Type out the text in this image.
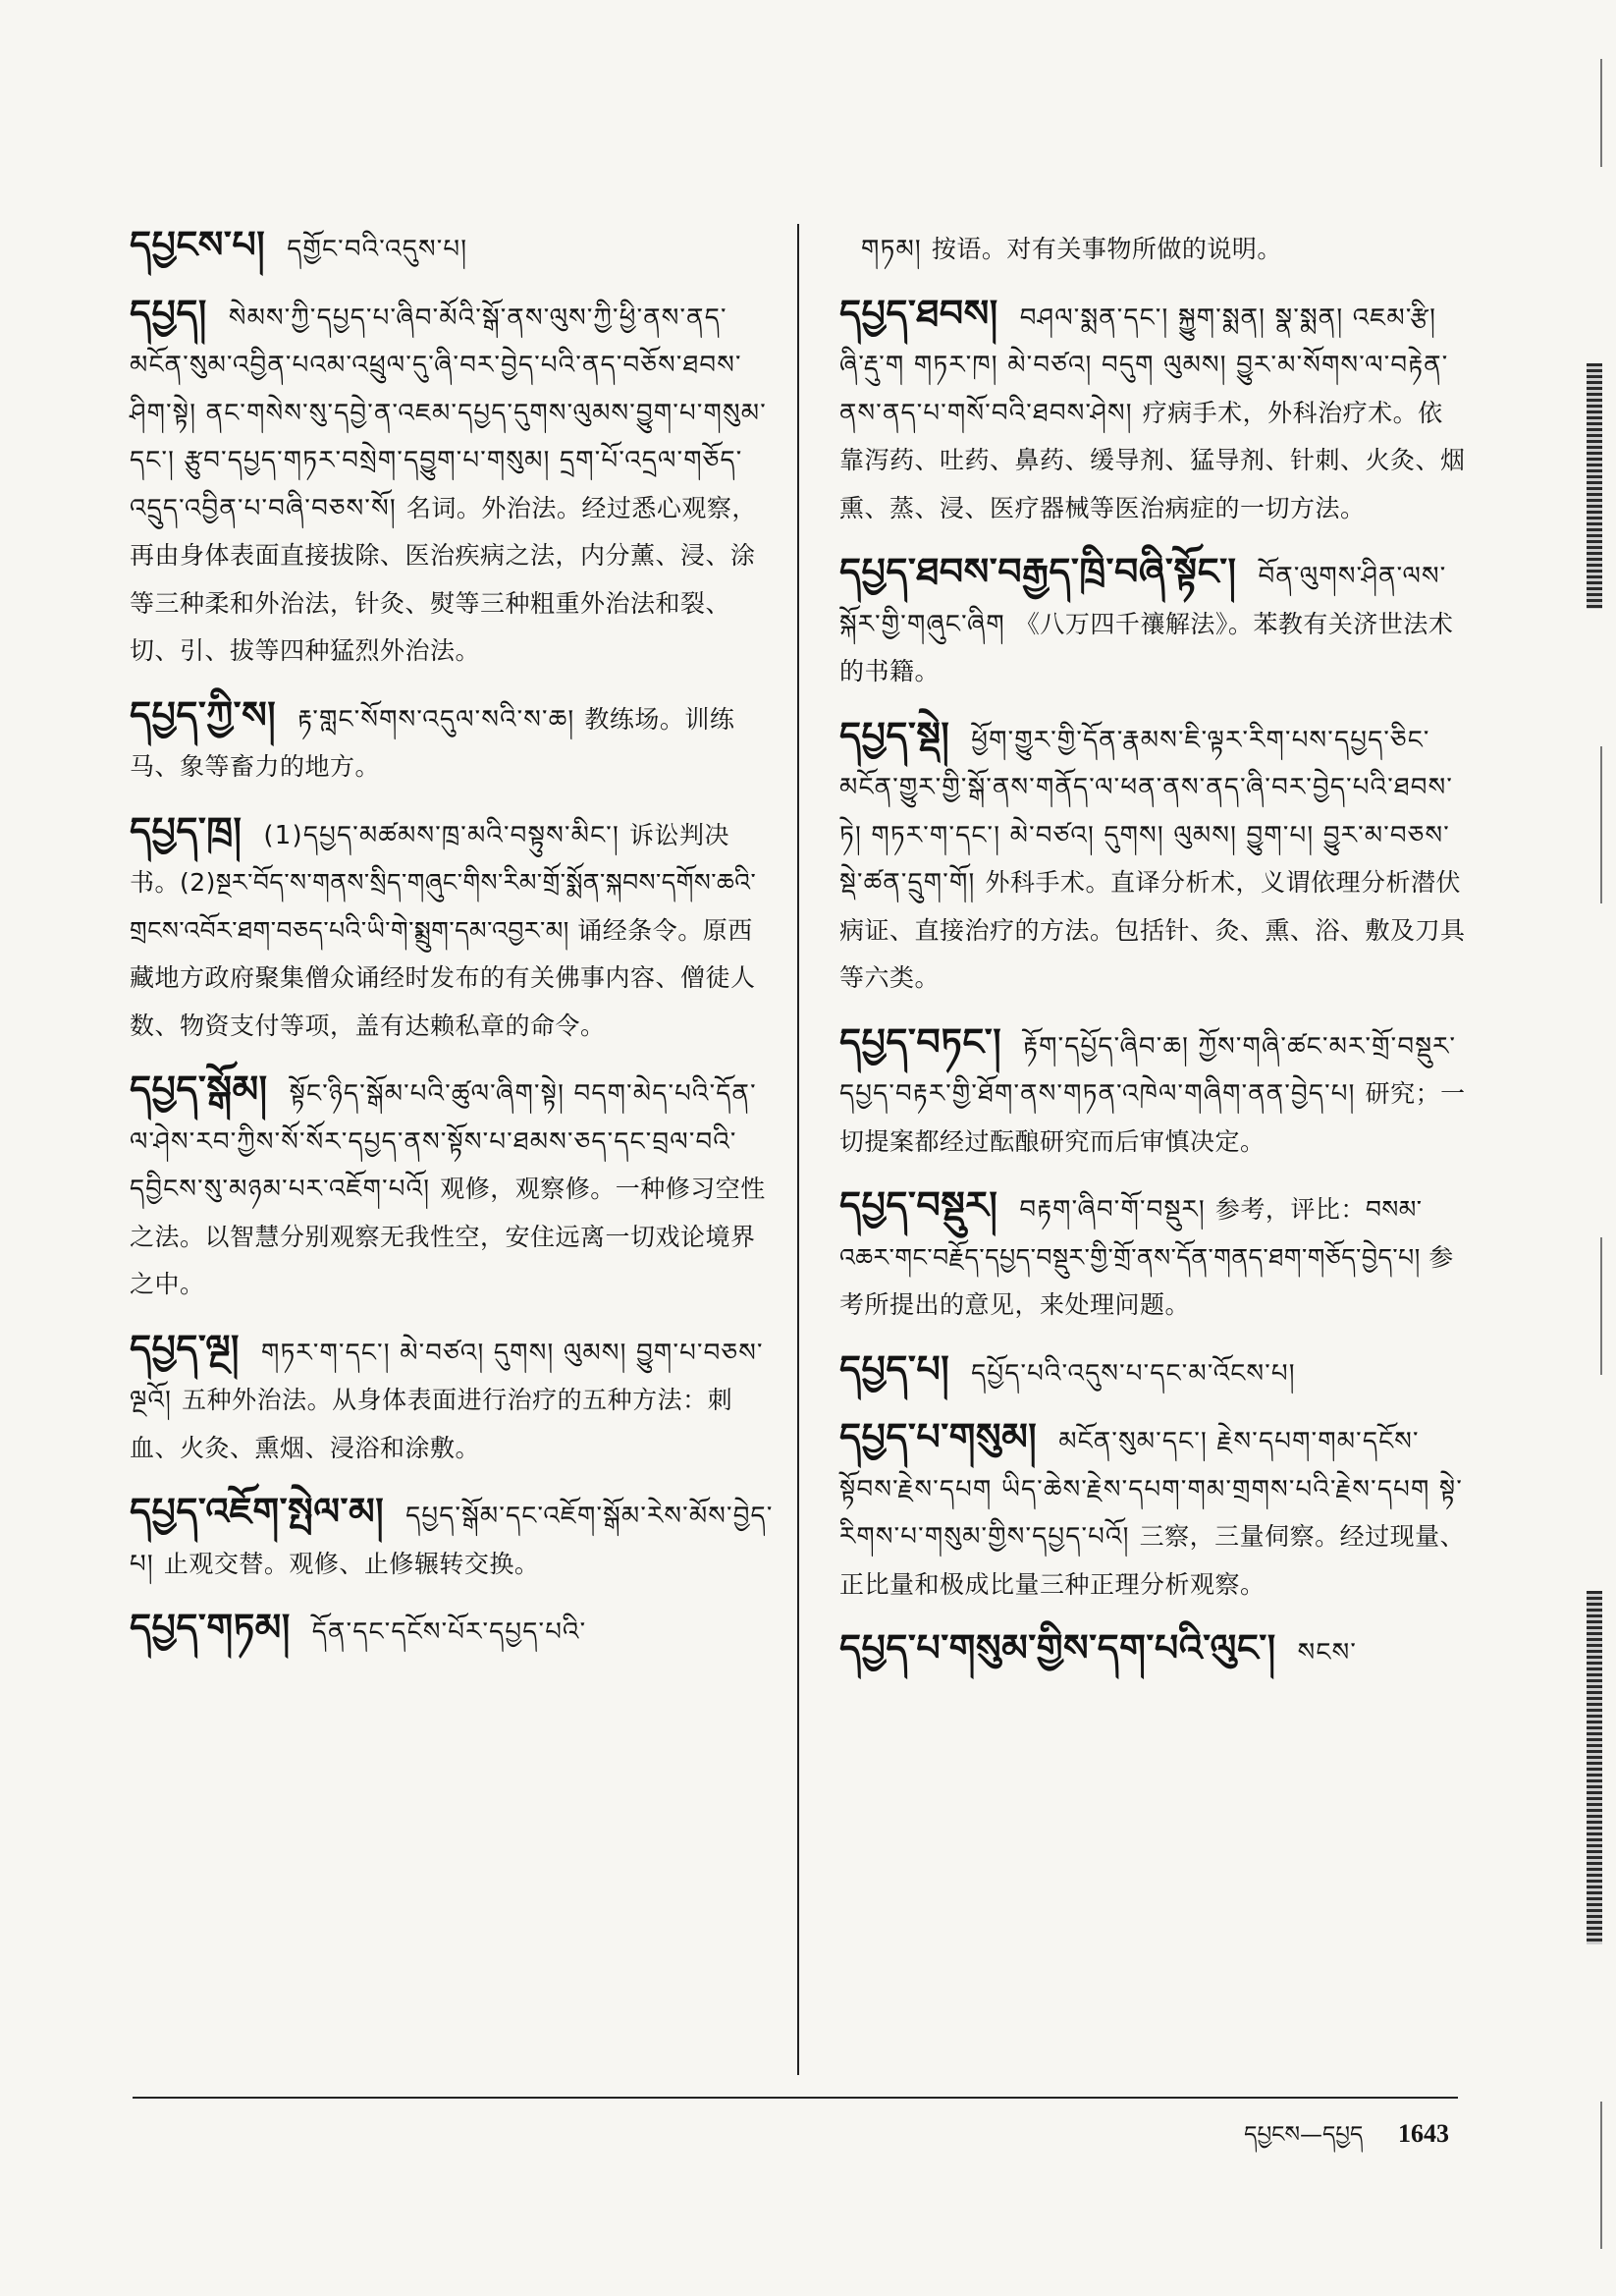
དཔྱངས་པ། དགྱོང་བའི་འདུས་པ།

དཔྱད། སེམས་ཀྱི་དཔྱད་པ་ཞིབ་མོའི་སྒོ་ནས་ལུས་ཀྱི་ཕྱི་ནས་ནད་མངོན་སུམ་འབྱིན་པའམ་འཕྲུལ་དུ་ཞི་བར་བྱེད་པའི་ནད་བཅོས་ཐབས་ཤིག་སྟེ། ནང་གསེས་སུ་དབྱེ་ན་འཇམ་དཔྱད་དུགས་ལུམས་བྱུག་པ་གསུམ་དང་། རྩུབ་དཔྱད་གཏར་བསྲེག་དབྱུག་པ་གསུམ། དྲག་པོ་འདྲལ་གཅོད་འདྲུད་འབྱིན་པ་བཞི་བཅས་སོ། 名词。外治法。经过悉心观察，再由身体表面直接拔除、医治疾病之法，内分薰、浸、涂等三种柔和外治法，针灸、熨等三种粗重外治法和裂、切、引、拔等四种猛烈外治法。

དཔྱད་ཀྱི་ས། རྟ་གླང་སོགས་འདུལ་སའི་ས་ཆ། 教练场。训练马、象等畜力的地方。

དཔྱད་ཁྲ། (1)དཔྱད་མཚམས་ཁྲ་མའི་བསྟུས་མིང་། 诉讼判决书。(2)སྔར་བོད་ས་གནས་སྲིད་གཞུང་གིས་རིམ་གྲོ་སྨོན་སྐབས་དགོས་ཆའི་ གྲངས་འབོར་ཐག་བཅད་པའི་ཡི་གེ་སྨྲུག་དམ་འབྱར་མ། 诵经条令。原西藏地方政府聚集僧众诵经时发布的有关佛事内容、僧徒人数、物资支付等项，盖有达赖私章的命令。

དཔྱད་སྒོམ། སྟོང་ཉིད་སྒོམ་པའི་ཚུལ་ཞིག་སྟེ། བདག་མེད་པའི་དོན་ལ་ཤེས་རབ་ཀྱིས་སོ་སོར་དཔྱད་ནས་སྟོས་པ་ཐམས་ཅད་དང་བྲལ་བའི་དབྱིངས་སུ་མཉམ་པར་འཇོག་པའོ། 观修，观察修。一种修习空性之法。以智慧分别观察无我性空，安住远离一切戏论境界之中。

དཔྱད་ལྔ། གཏར་ག་དང་། མེ་བཙའ། དུགས། ལུམས། བྱུག་པ་བཅས་ལྔའོ། 五种外治法。从身体表面进行治疗的五种方法：刺血、火灸、熏烟、浸浴和涂敷。

དཔྱད་འཇོག་སྤེལ་མ། དཔྱད་སྒོམ་དང་འཇོག་སྒོམ་རེས་མོས་བྱེད་པ། 止观交替。观修、止修辗转交换。

དཔྱད་གཏམ། དོན་དང་དངོས་པོར་དཔྱད་པའི་

གཏམ། 按语。对有关事物所做的说明。

དཔྱད་ཐབས། བཤལ་སྨན་དང་། སྐྱུག་སྨན། སྣ་སྨན། འཇམ་རྩི། ཞི་རྡུ་ག གཏར་ཁ། མེ་བཙའ། བདུག ལུམས། བྱུར་མ་སོགས་ལ་བརྟེན་ནས་ནད་པ་གསོ་བའི་ཐབས་ཤེས། 疗病手术，外科治疗术。依靠泻药、吐药、鼻药、缓导剂、猛导剂、针刺、火灸、烟熏、蒸、浸、医疗器械等医治病症的一切方法。

དཔྱད་ཐབས་བརྒྱད་ཁྲི་བཞི་སྟོང་། བོན་ལུགས་ཤིན་ལས་སྐོར་གྱི་གཞུང་ཞིག 《八万四千禳解法》。苯教有关济世法术的书籍。

དཔྱད་སྡེ། ཕྱོག་གྱུར་གྱི་དོན་རྣམས་ཇི་ལྟར་རིག་པས་དཔྱད་ཅིང་མངོན་གྱུར་གྱི་སྒོ་ནས་གནོད་ལ་ཕན་ནས་ནད་ཞི་བར་བྱེད་པའི་ཐབས་ཏེ། གཏར་ག་དང་། མེ་བཙའ། དུགས། ལུམས། བྱུག་པ། བྱུར་མ་བཅས་སྡེ་ཚན་དྲུག་གོ། 外科手术。直译分析术，义谓依理分析潜伏病证、直接治疗的方法。包括针、灸、熏、浴、敷及刀具等六类。

དཔྱད་བཏང་། རྟོག་དཔྱོད་ཞིབ་ཆ། ཀྱོས་གཞི་ཚང་མར་གྲོ་བསྡུར་དཔྱད་བརྟར་གྱི་ཐོག་ནས་གཏན་འཁེལ་གཞིག་ནན་བྱེད་པ། 研究；一切提案都经过酝酿研究而后审慎决定。

དཔྱད་བསྡུར། བརྟག་ཞིབ་གོ་བསྡུར། 参考，评比：བསམ་འཆར་གང་བརྗོད་དཔྱད་བསྡུར་གྱི་གྲོ་ནས་དོན་གནད་ཐག་གཅོད་བྱེད་པ། 参考所提出的意见，来处理问题。

དཔྱད་པ། དཔྱོད་པའི་འདུས་པ་དང་མ་འོངས་པ།

དཔྱད་པ་གསུམ། མངོན་སུམ་དང་། རྗེས་དཔག་གམ་དངོས་སྟོབས་རྗེས་དཔག ཡིད་ཆེས་རྗེས་དཔག་གམ་གྲགས་པའི་རྗེས་དཔག སྟེ་རིགས་པ་གསུམ་གྱིས་དཔྱད་པའོ། 三察，三量伺察。经过现量、正比量和极成比量三种正理分析观察。

དཔྱད་པ་གསུམ་གྱིས་དག་པའི་ལུང་། སངས་

དཔྱངས—དཔྱད 1643
